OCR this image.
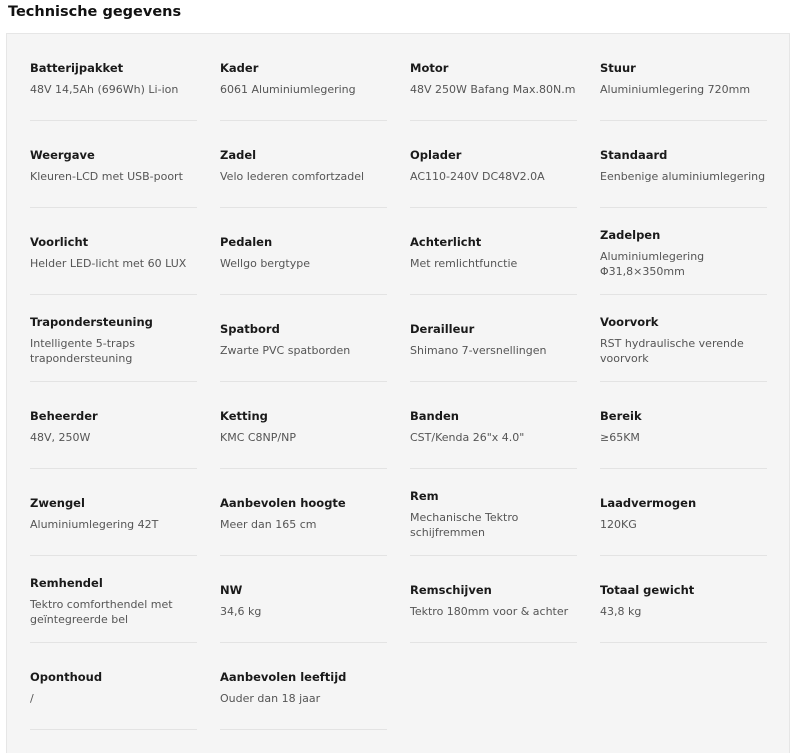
Technische gegevens
Batterijpakket
48V 14,5Ah (696Wh) Li-ion
Kader
6061 Aluminiumlegering
Motor
48V 250W Bafang Max.80N.m
Stuur
Aluminiumlegering 720mm
Weergave
Kleuren-LCD met USB-poort
Zadel
Velo lederen comfortzadel
Oplader
AC110-240V DC48V2.0A
Standaard
Eenbenige aluminiumlegering
Voorlicht
Helder LED-licht met 60 LUX
Pedalen
Wellgo bergtype
Achterlicht
Met remlichtfunctie
Zadelpen
Aluminiumlegering Φ31,8×350mm
Trapondersteuning
Intelligente 5-traps trapondersteuning
Spatbord
Zwarte PVC spatborden
Derailleur
Shimano 7-versnellingen
Voorvork
RST hydraulische verende voorvork
Beheerder
48V, 250W
Ketting
KMC C8NP/NP
Banden
CST/Kenda 26"x 4.0"
Bereik
≥65KM
Zwengel
Aluminiumlegering 42T
Aanbevolen hoogte
Meer dan 165 cm
Rem
Mechanische Tektro schijfremmen
Laadvermogen
120KG
Remhendel
Tektro comforthendel met geïntegreerde bel
NW
34,6 kg
Remschijven
Tektro 180mm voor & achter
Totaal gewicht
43,8 kg
Oponthoud
/
Aanbevolen leeftijd
Ouder dan 18 jaar
